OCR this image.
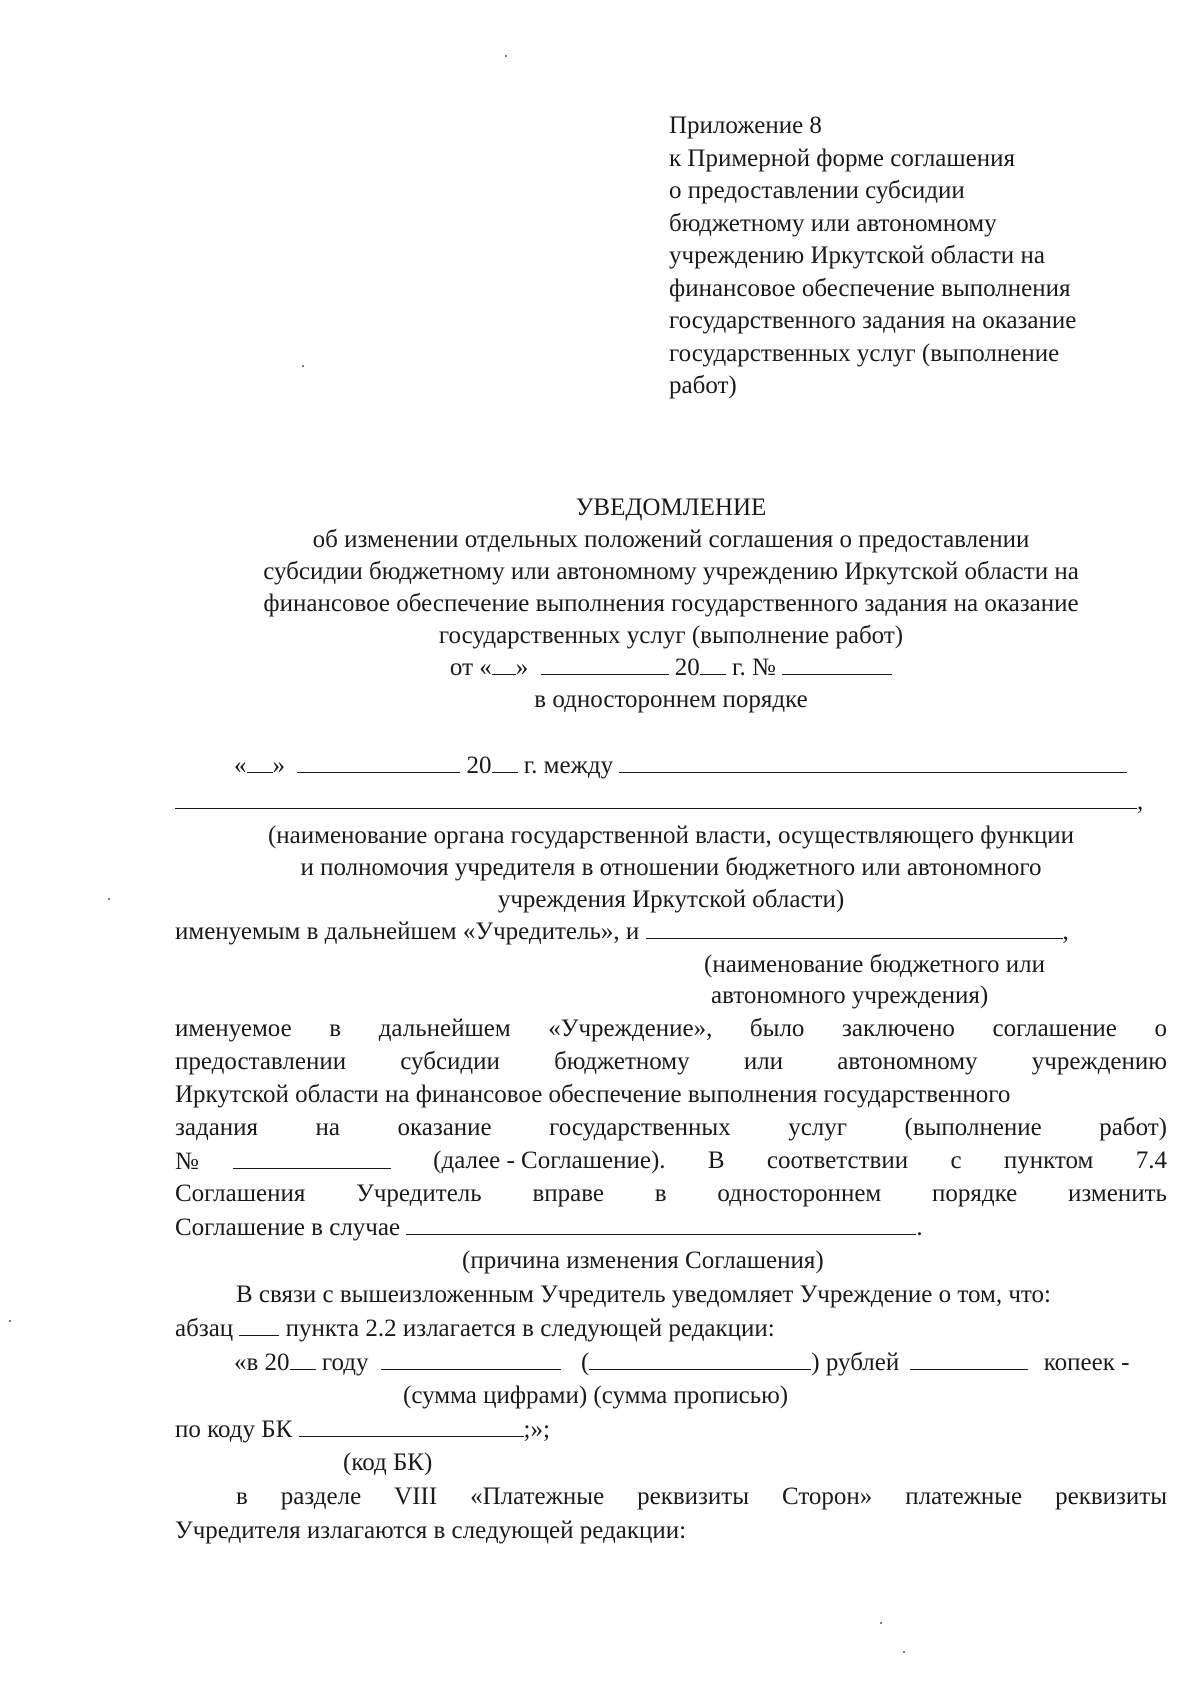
Приложение 8
к Примерной форме соглашения
о предоставлении субсидии
бюджетному или автономному
учреждению Иркутской области на
финансовое обеспечение выполнения
государственного задания на оказание
государственных услуг (выполнение
работ)
УВЕДОМЛЕНИЕ
об изменении отдельных положений соглашения о предоставлении
субсидии бюджетному или автономному учреждению Иркутской области на
финансовое обеспечение выполнения государственного задания на оказание
государственных услуг (выполнение работ)
от « »	20 г. №
в одностороннем порядке
« »	20 г. между
,
(наименование органа государственной власти, осуществляющего функции
и полномочия учредителя в отношении бюджетного или автономного
учреждения Иркутской области)
именуемым в дальнейшем «Учредитель», и	,
(наименование бюджетного или
автономного учреждения)
именуемое в дальнейшем «Учреждение», было заключено соглашение о
предоставлении субсидии бюджетному или автономному учреждению
Иркутской области на финансовое обеспечение выполнения государственного
задания на оказание государственных услуг (выполнение работ)
№	(далее - Соглашение). В соответствии с пунктом 7.4
Соглашения Учредитель вправе в одностороннем порядке изменить
Соглашение в случае	.
(причина изменения Соглашения)
В связи с вышеизложенным Учредитель уведомляет Учреждение о том, что:
абзац  пункта 2.2 излагается в следующей редакции:
«в 20 году	(	) рублей	копеек -
(сумма цифрами) (сумма прописью)
по коду БК	;»;
(код БК)
в разделе VIII «Платежные реквизиты Сторон» платежные реквизиты
Учредителя излагаются в следующей редакции:
